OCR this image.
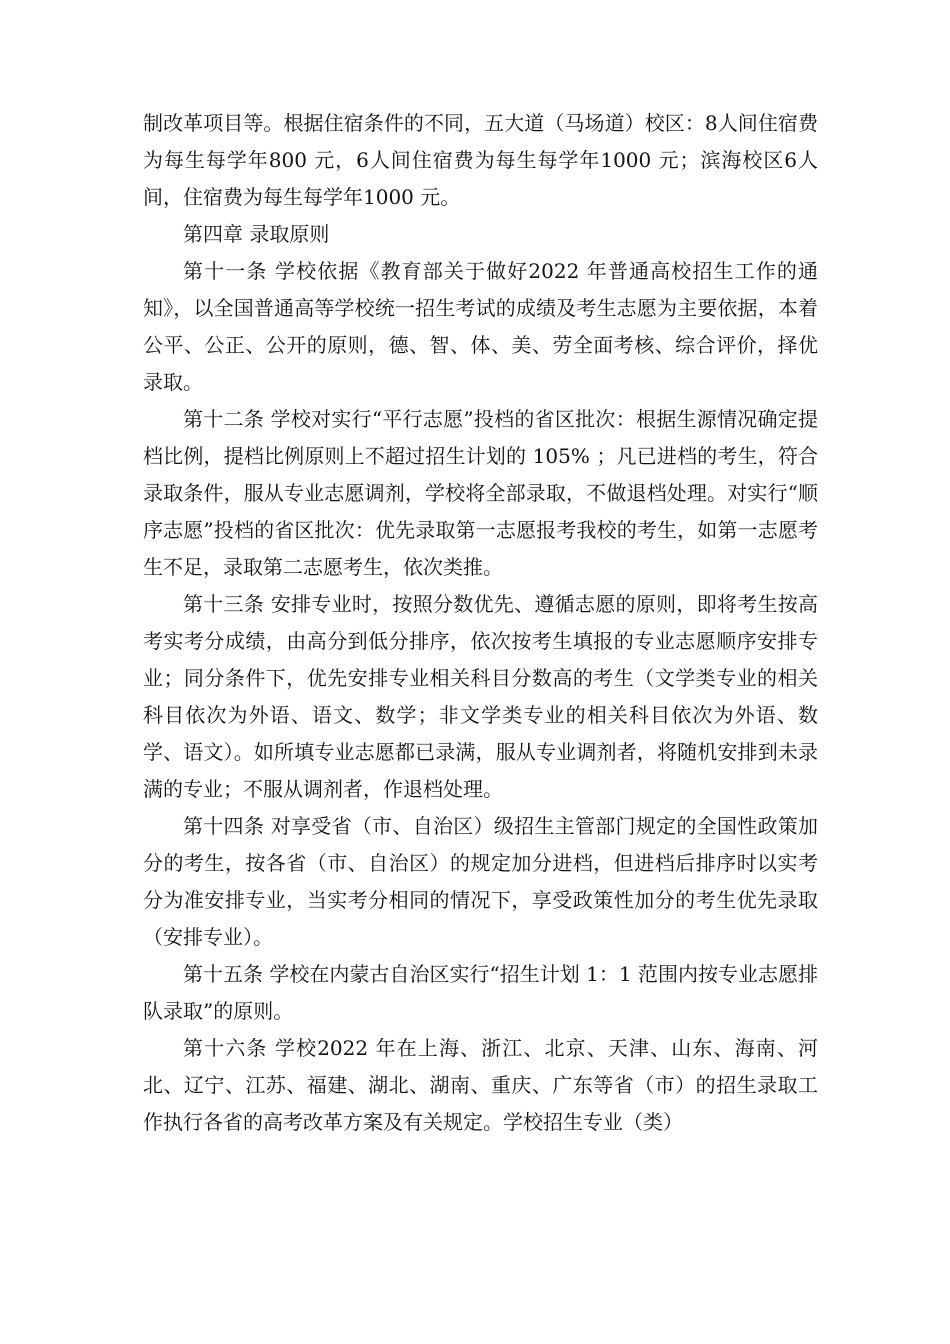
制改革项目等。根据住宿条件的不同，五大道（马场道）校区：8人间住宿费为每生每学年800 元，6人间住宿费为每生每学年1000 元；滨海校区6人间，住宿费为每生每学年1000 元。

第四章 录取原则

第十一条 学校依据《教育部关于做好2022 年普通高校招生工作的通知》，以全国普通高等学校统一招生考试的成绩及考生志愿为主要依据，本着公平、公正、公开的原则，德、智、体、美、劳全面考核、综合评价，择优录取。

第十二条 学校对实行“平行志愿”投档的省区批次：根据生源情况确定提档比例，提档比例原则上不超过招生计划的 105% ；凡已进档的考生，符合录取条件，服从专业志愿调剂，学校将全部录取，不做退档处理。对实行“顺序志愿”投档的省区批次：优先录取第一志愿报考我校的考生，如第一志愿考生不足，录取第二志愿考生，依次类推。

第十三条 安排专业时，按照分数优先、遵循志愿的原则，即将考生按高考实考分成绩，由高分到低分排序，依次按考生填报的专业志愿顺序安排专业；同分条件下，优先安排专业相关科目分数高的考生（文学类专业的相关科目依次为外语、语文、数学；非文学类专业的相关科目依次为外语、数学、语文）。如所填专业志愿都已录满，服从专业调剂者，将随机安排到未录满的专业；不服从调剂者，作退档处理。

第十四条 对享受省（市、自治区）级招生主管部门规定的全国性政策加分的考生，按各省（市、自治区）的规定加分进档，但进档后排序时以实考分为准安排专业，当实考分相同的情况下，享受政策性加分的考生优先录取（安排专业）。

第十五条 学校在内蒙古自治区实行“招生计划 1：1 范围内按专业志愿排队录取”的原则。

第十六条 学校2022 年在上海、浙江、北京、天津、山东、海南、河北、辽宁、江苏、福建、湖北、湖南、重庆、广东等省（市）的招生录取工作执行各省的高考改革方案及有关规定。学校招生专业（类）
